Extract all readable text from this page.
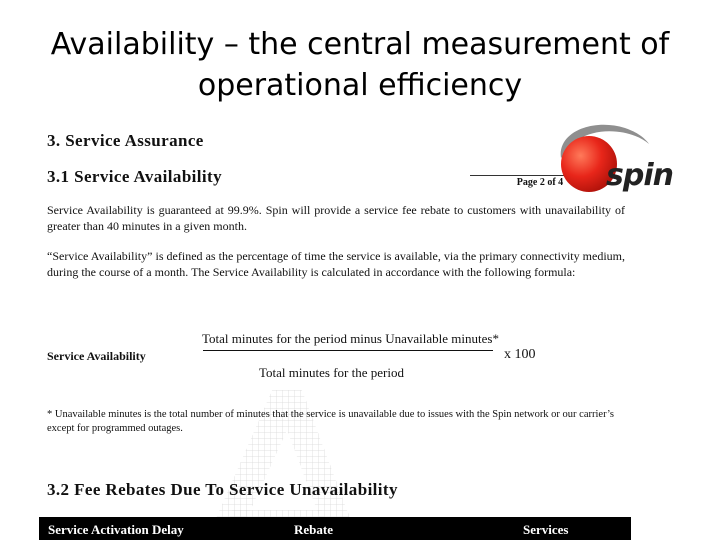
Availability – the central measurement of
operational efficiency
3. Service Assurance
3.1 Service Availability	Page 2 of 4
Service Availability is guaranteed at 99.9%. Spin will provide a service fee rebate to customers with unavailability of greater than 40 minutes in a given month.
“Service Availability” is defined as the percentage of time the service is available, via the primary connectivity medium, during the course of a month. The Service Availability is calculated in accordance with the following formula:
Service Availability
Total minutes for the period minus Unavailable minutes*
x 100
Total minutes for the period
* Unavailable minutes is the total number of minutes that the service is unavailable due to issues with the Spin network or our carrier’s except for programmed outages.
3.2 Fee Rebates Due To Service Unavailability
Service Activation Delay	Rebate	Services
spin
